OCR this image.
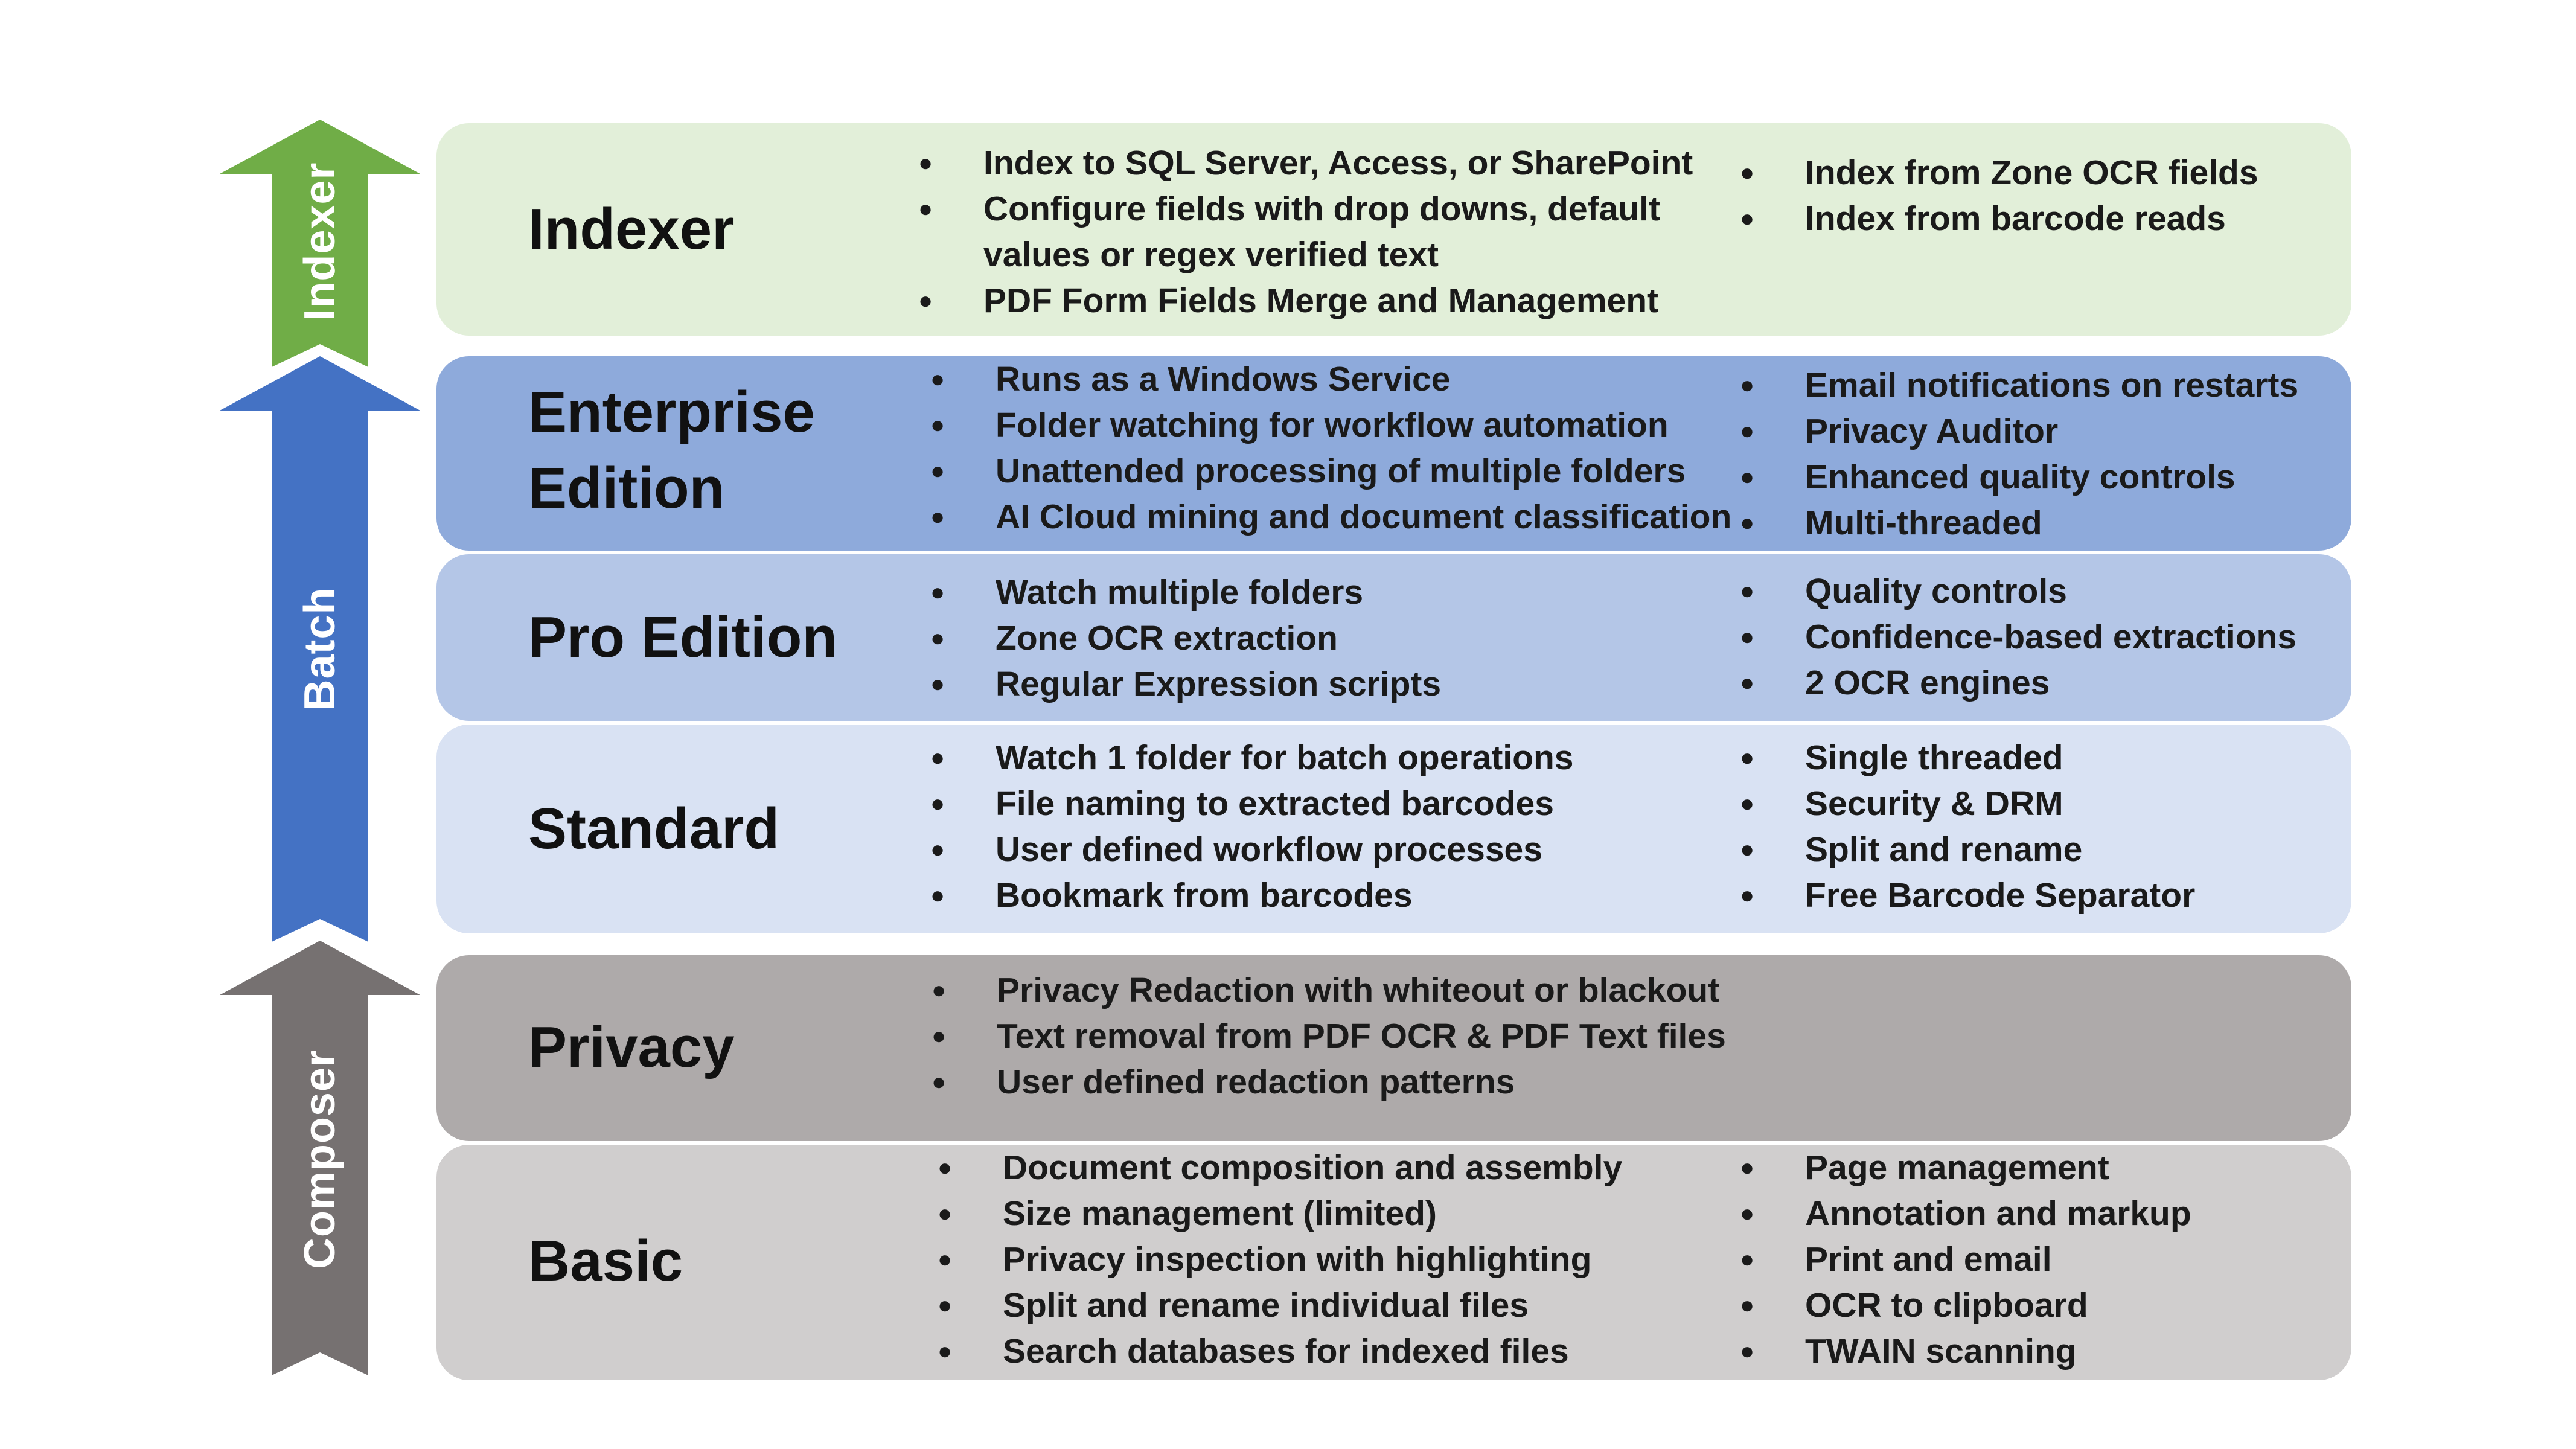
Indexer
Batch
Composer
Indexer
● Index to SQL Server, Access, or SharePoint
● Configure fields with drop downs, default values or regex verified text
● PDF Form Fields Merge and Management
● Index from Zone OCR fields
● Index from barcode reads
Enterprise
Edition
● Runs as a Windows Service
● Folder watching for workflow automation
● Unattended processing of multiple folders
● AI Cloud mining and document classification
● Email notifications on restarts
● Privacy Auditor
● Enhanced quality controls
● Multi-threaded
Pro Edition
● Watch multiple folders
● Zone OCR extraction
● Regular Expression scripts
● Quality controls
● Confidence-based extractions
● 2 OCR engines
Standard
● Watch 1 folder for batch operations
● File naming to extracted barcodes
● User defined workflow processes
● Bookmark from barcodes
● Single threaded
● Security & DRM
● Split and rename
● Free Barcode Separator
Privacy
● Privacy Redaction with whiteout or blackout
● Text removal from PDF OCR & PDF Text files
● User defined redaction patterns
Basic
● Document composition and assembly
● Size management (limited)
● Privacy inspection with highlighting
● Split and rename individual files
● Search databases for indexed files
● Page management
● Annotation and markup
● Print and email
● OCR to clipboard
● TWAIN scanning
